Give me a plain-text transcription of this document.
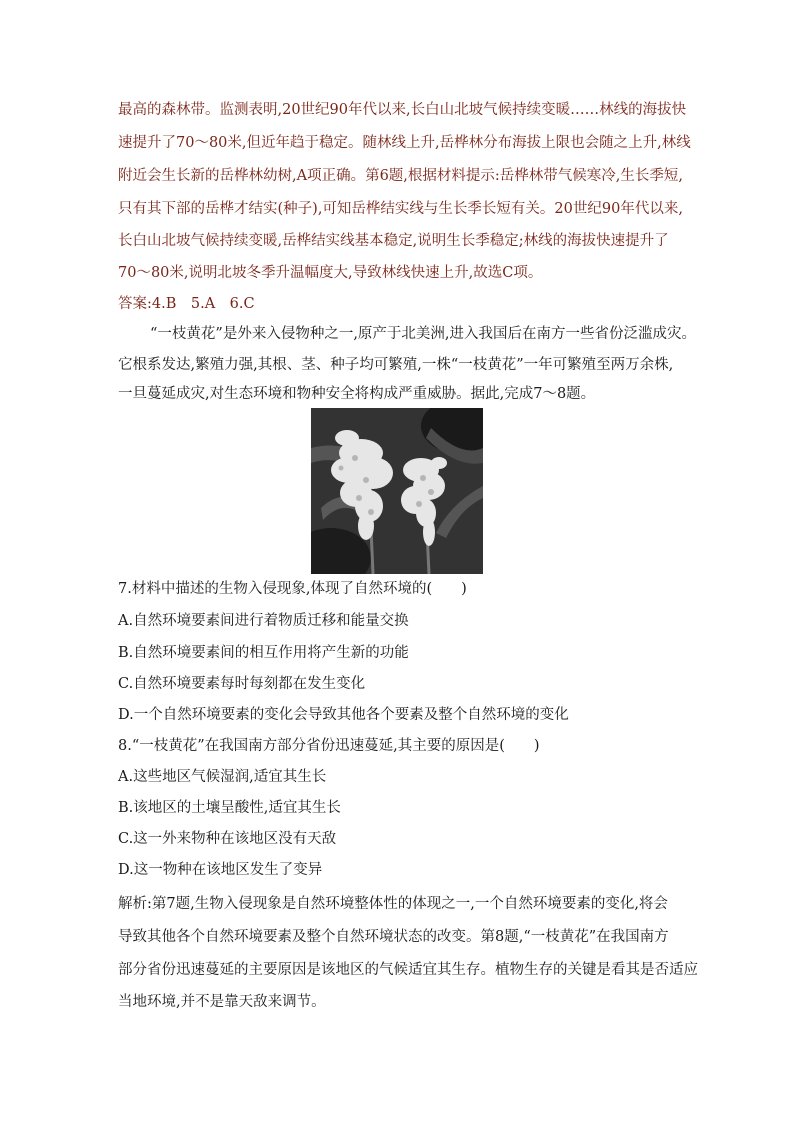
最高的森林带。监测表明,20世纪90年代以来,长白山北坡气候持续变暖……林线的海拔快
速提升了70～80米,但近年趋于稳定。随林线上升,岳桦林分布海拔上限也会随之上升,林线
附近会生长新的岳桦林幼树,A项正确。第6题,根据材料提示:岳桦林带气候寒冷,生长季短,
只有其下部的岳桦才结实(种子),可知岳桦结实线与生长季长短有关。20世纪90年代以来,
长白山北坡气候持续变暖,岳桦结实线基本稳定,说明生长季稳定;林线的海拔快速提升了
70～80米,说明北坡冬季升温幅度大,导致林线快速上升,故选C项。
答案:4.B　5.A　6.C
“一枝黄花”是外来入侵物种之一,原产于北美洲,进入我国后在南方一些省份泛滥成灾。
它根系发达,繁殖力强,其根、茎、种子均可繁殖,一株“一枝黄花”一年可繁殖至两万余株,
一旦蔓延成灾,对生态环境和物种安全将构成严重威胁。据此,完成7～8题。
7.材料中描述的生物入侵现象,体现了自然环境的(　　)
A.自然环境要素间进行着物质迁移和能量交换
B.自然环境要素间的相互作用将产生新的功能
C.自然环境要素每时每刻都在发生变化
D.一个自然环境要素的变化会导致其他各个要素及整个自然环境的变化
8.“一枝黄花”在我国南方部分省份迅速蔓延,其主要的原因是(　　)
A.这些地区气候湿润,适宜其生长
B.该地区的土壤呈酸性,适宜其生长
C.这一外来物种在该地区没有天敌
D.这一物种在该地区发生了变异
解析:第7题,生物入侵现象是自然环境整体性的体现之一,一个自然环境要素的变化,将会
导致其他各个自然环境要素及整个自然环境状态的改变。第8题,“一枝黄花”在我国南方
部分省份迅速蔓延的主要原因是该地区的气候适宜其生存。植物生存的关键是看其是否适应
当地环境,并不是靠天敌来调节。
